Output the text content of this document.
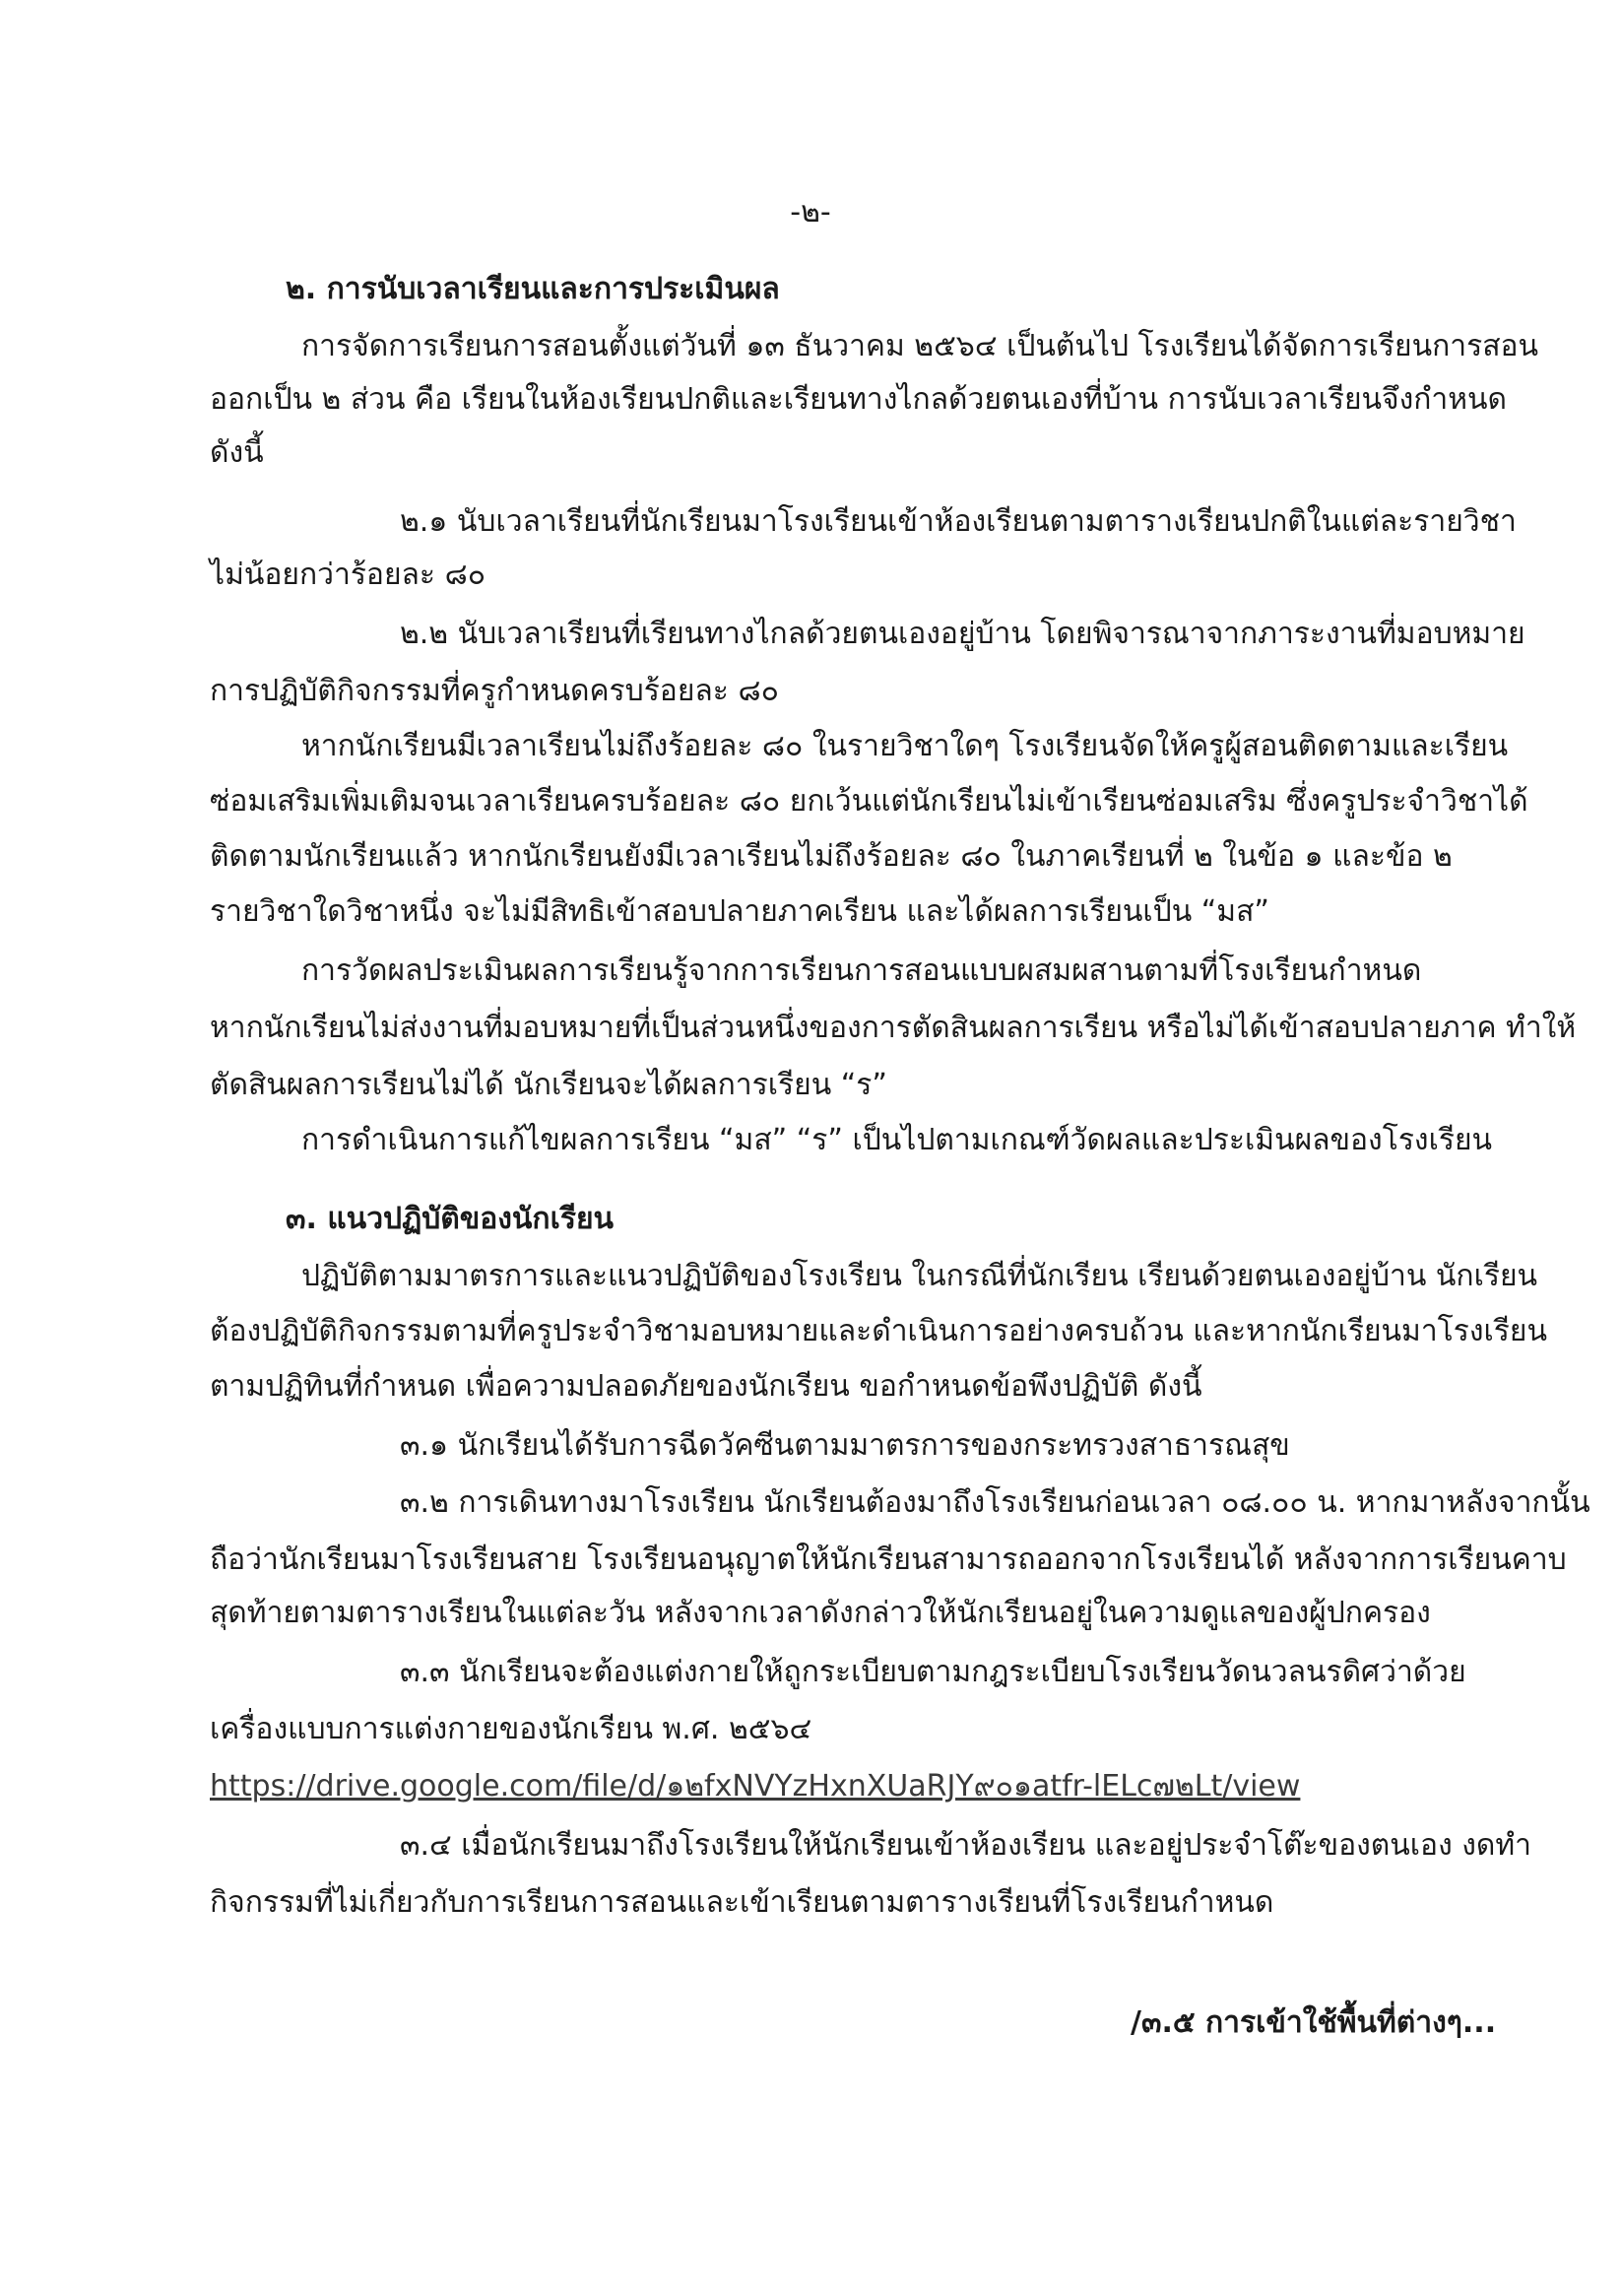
-๒-

๒. การนับเวลาเรียนและการประเมินผล

การจัดการเรียนการสอนตั้งแต่วันที่ ๑๓ ธันวาคม ๒๕๖๔ เป็นต้นไป โรงเรียนได้จัดการเรียนการสอน

ออกเป็น ๒ ส่วน คือ เรียนในห้องเรียนปกติและเรียนทางไกลด้วยตนเองที่บ้าน การนับเวลาเรียนจึงกำหนด

ดังนี้

๒.๑ นับเวลาเรียนที่นักเรียนมาโรงเรียนเข้าห้องเรียนตามตารางเรียนปกติในแต่ละรายวิชา

ไม่น้อยกว่าร้อยละ ๘๐

๒.๒ นับเวลาเรียนที่เรียนทางไกลด้วยตนเองอยู่บ้าน โดยพิจารณาจากภาระงานที่มอบหมาย

การปฏิบัติกิจกรรมที่ครูกำหนดครบร้อยละ ๘๐

หากนักเรียนมีเวลาเรียนไม่ถึงร้อยละ ๘๐ ในรายวิชาใดๆ โรงเรียนจัดให้ครูผู้สอนติดตามและเรียน

ซ่อมเสริมเพิ่มเติมจนเวลาเรียนครบร้อยละ ๘๐ ยกเว้นแต่นักเรียนไม่เข้าเรียนซ่อมเสริม ซึ่งครูประจำวิชาได้

ติดตามนักเรียนแล้ว หากนักเรียนยังมีเวลาเรียนไม่ถึงร้อยละ ๘๐ ในภาคเรียนที่ ๒ ในข้อ ๑ และข้อ ๒

รายวิชาใดวิชาหนึ่ง จะไม่มีสิทธิเข้าสอบปลายภาคเรียน และได้ผลการเรียนเป็น “มส”

การวัดผลประเมินผลการเรียนรู้จากการเรียนการสอนแบบผสมผสานตามที่โรงเรียนกำหนด

หากนักเรียนไม่ส่งงานที่มอบหมายที่เป็นส่วนหนึ่งของการตัดสินผลการเรียน หรือไม่ได้เข้าสอบปลายภาค ทำให้

ตัดสินผลการเรียนไม่ได้ นักเรียนจะได้ผลการเรียน “ร”

การดำเนินการแก้ไขผลการเรียน “มส” “ร” เป็นไปตามเกณฑ์วัดผลและประเมินผลของโรงเรียน

๓. แนวปฏิบัติของนักเรียน

ปฏิบัติตามมาตรการและแนวปฏิบัติของโรงเรียน ในกรณีที่นักเรียน เรียนด้วยตนเองอยู่บ้าน นักเรียน

ต้องปฏิบัติกิจกรรมตามที่ครูประจำวิชามอบหมายและดำเนินการอย่างครบถ้วน และหากนักเรียนมาโรงเรียน

ตามปฏิทินที่กำหนด เพื่อความปลอดภัยของนักเรียน ขอกำหนดข้อพึงปฏิบัติ ดังนี้

๓.๑ นักเรียนได้รับการฉีดวัคซีนตามมาตรการของกระทรวงสาธารณสุข

๓.๒ การเดินทางมาโรงเรียน นักเรียนต้องมาถึงโรงเรียนก่อนเวลา ๐๘.๐๐ น. หากมาหลังจากนั้น

ถือว่านักเรียนมาโรงเรียนสาย โรงเรียนอนุญาตให้นักเรียนสามารถออกจากโรงเรียนได้ หลังจากการเรียนคาบ

สุดท้ายตามตารางเรียนในแต่ละวัน หลังจากเวลาดังกล่าวให้นักเรียนอยู่ในความดูแลของผู้ปกครอง

๓.๓ นักเรียนจะต้องแต่งกายให้ถูกระเบียบตามกฎระเบียบโรงเรียนวัดนวลนรดิศว่าด้วย

เครื่องแบบการแต่งกายของนักเรียน พ.ศ. ๒๕๖๔

https://drive.google.com/file/d/๑๒fxNVYzHxnXUaRJY๙๐๑atfr-lELc๗๒Lt/view

๓.๔ เมื่อนักเรียนมาถึงโรงเรียนให้นักเรียนเข้าห้องเรียน และอยู่ประจำโต๊ะของตนเอง งดทำ

กิจกรรมที่ไม่เกี่ยวกับการเรียนการสอนและเข้าเรียนตามตารางเรียนที่โรงเรียนกำหนด

/๓.๕ การเข้าใช้พื้นที่ต่างๆ...
